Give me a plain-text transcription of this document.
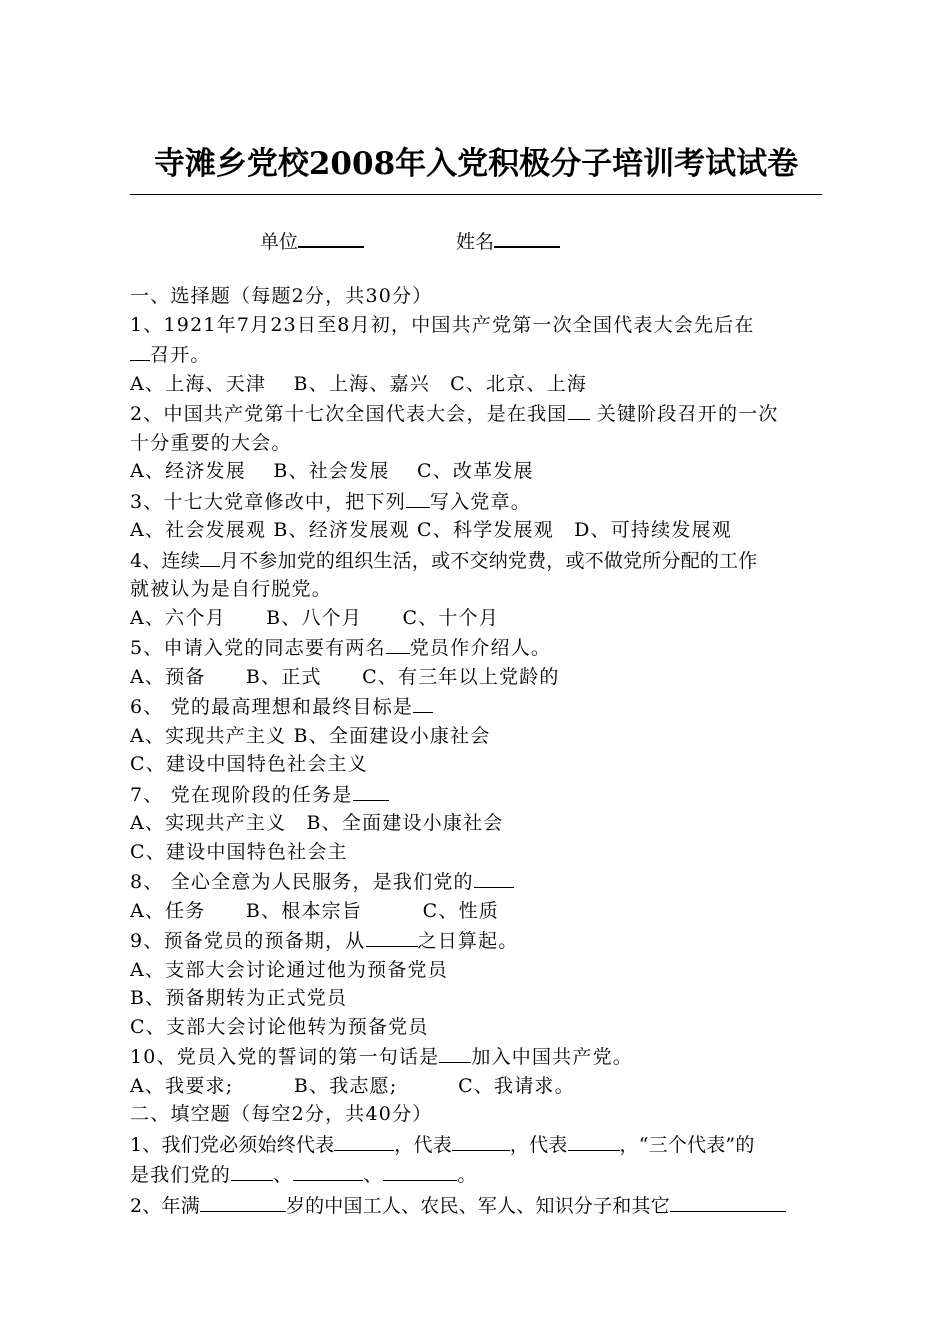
寺滩乡党校2008年入党积极分子培训考试试卷
单位	姓名
一、选择题（每题2分，共30分）
1、1921年7月23日至8月初，中国共产党第一次全国代表大会先后在
召开。
A、上海、天津　 B、上海、嘉兴　C、北京、上海
2、中国共产党第十七次全国代表大会，是在我国 关键阶段召开的一次
十分重要的大会。
A、经济发展　 B、社会发展　 C、改革发展
3、十七大党章修改中，把下列 写入党章。
A、社会发展观 B、经济发展观 C、科学发展观　D、可持续发展观
4、连续 月不参加党的组织生活，或不交纳党费，或不做党所分配的工作
就被认为是自行脱党。
A、六个月　　B、八个月　　C、十个月
5、申请入党的同志要有两名 党员作介绍人。
A、预备　　B、正式　　C、有三年以上党龄的
6、 党的最高理想和最终目标是
A、实现共产主义 B、全面建设小康社会
C、建设中国特色社会主义
7、 党在现阶段的任务是
A、实现共产主义　B、全面建设小康社会
C、建设中国特色社会主
8、 全心全意为人民服务，是我们党的
A、任务　　B、根本宗旨　　　C、性质
9、预备党员的预备期，从	之日算起。
A、支部大会讨论通过他为预备党员
B、预备期转为正式党员
C、支部大会讨论他转为预备党员
10、党员入党的誓词的第一句话是 加入中国共产党。
A、我要求;　　　B、我志愿;　　　C、我请求。
二、填空题（每空2分，共40分）
1、我们党必须始终代表	，代表	，代表	，“三个代表”的
是我们党的 、	、	。
2、年满	岁的中国工人、农民、军人、知识分子和其它
